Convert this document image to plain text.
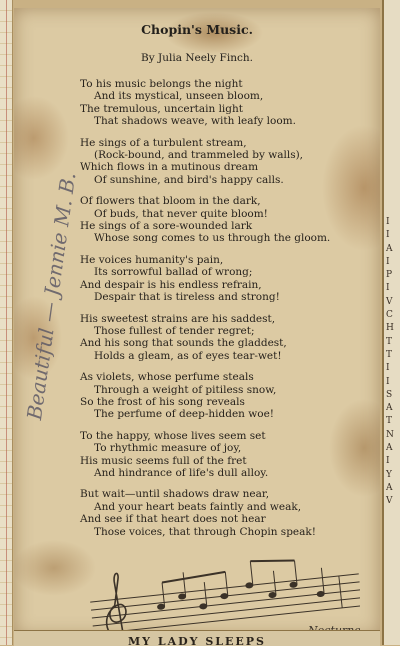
Chopin's Music.

By Julia Neely Finch.

To his music belongs the night
And its mystical, unseen bloom,
The tremulous, uncertain light
That shadows weave, with leafy loom.

He sings of a turbulent stream,
(Rock-bound, and trammeled by walls),
Which flows in a mutinous dream
Of sunshine, and bird's happy calls.

Of flowers that bloom in the dark,
Of buds, that never quite bloom!
He sings of a sore-wounded lark
Whose song comes to us through the gloom.

He voices humanity's pain,
Its sorrowful ballad of wrong;
And despair is his endless refrain,
Despair that is tireless and strong!

His sweetest strains are his saddest,
Those fullest of tender regret;
And his song that sounds the gladdest,
Holds a gleam, as of eyes tear-wet!

As violets, whose perfume steals
Through a weight of pitiless snow,
So the frost of his song reveals
The perfume of deep-hidden woe!

To the happy, whose lives seem set
To rhythmic measure of joy,
His music seems full of the fret
And hindrance of life's dull alloy.

But wait—until shadows draw near,
And your heart beats faintly and weak,
And see if that heart does not hear
Those voices, that through Chopin speak!

Beautiful — Jennie M. B.

MY LADY SLEEPS

I
I
A
I
P
I
V
C
H
T
T
I
I
S
A
T
N
A
I
Y
A
V
